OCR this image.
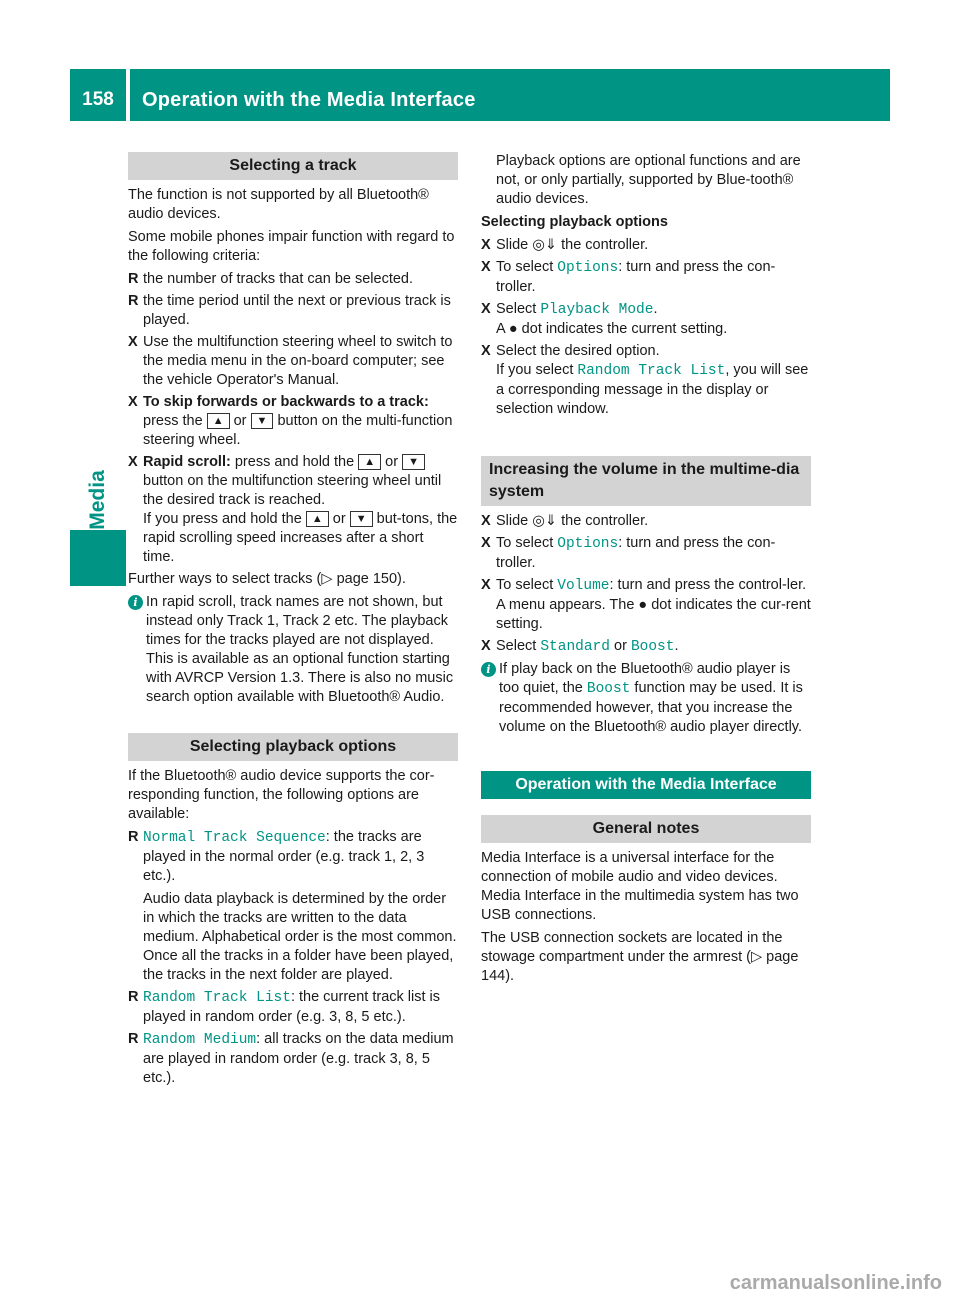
158	Operation with the Media Interface
Media
Selecting a track

The function is not supported by all Bluetooth® audio devices.

Some mobile phones impair function with regard to the following criteria:

R the number of tracks that can be selected.
R the time period until the next or previous track is played.
X Use the multifunction steering wheel to switch to the media menu in the on-board computer; see the vehicle Operator's Manual.
X To skip forwards or backwards to a track:
press the ▲ or ▼ button on the multi-function steering wheel.
X Rapid scroll: press and hold the ▲ or ▼ button on the multifunction steering wheel until the desired track is reached.
If you press and hold the ▲ or ▼ but-tons, the rapid scrolling speed increases after a short time.

Further ways to select tracks (▷ page 150).

i In rapid scroll, track names are not shown, but instead only Track 1, Track 2 etc. The playback times for the tracks played are not displayed. This is available as an optional function starting with AVRCP Version 1.3. There is also no music search option available with Bluetooth® Audio.
Selecting playback options

If the Bluetooth® audio device supports the cor-responding function, the following options are available:

R Normal Track Sequence: the tracks are played in the normal order (e.g. track 1, 2, 3 etc.).
Audio data playback is determined by the order in which the tracks are written to the data medium. Alphabetical order is the most common. Once all the tracks in a folder have been played, the tracks in the next folder are played.
R Random Track List: the current track list is played in random order (e.g. 3, 8, 5 etc.).
R Random Medium: all tracks on the data medium are played in random order (e.g. track 3, 8, 5 etc.).

Playback options are optional functions and are not, or only partially, supported by Blue-tooth® audio devices.

Selecting playback options
X Slide ◎⇓ the controller.
X To select Options: turn and press the con-troller.
X Select Playback Mode.
A ● dot indicates the current setting.
X Select the desired option.
If you select Random Track List, you will see a corresponding message in the display or selection window.
Increasing the volume in the multime-dia system
X Slide ◎⇓ the controller.
X To select Options: turn and press the con-troller.
X To select Volume: turn and press the control-ler.
A menu appears. The ● dot indicates the cur-rent setting.
X Select Standard or Boost.
i If play back on the Bluetooth® audio player is too quiet, the Boost function may be used. It is recommended however, that you increase the volume on the Bluetooth® audio player directly.
Operation with the Media Interface
General notes

Media Interface is a universal interface for the connection of mobile audio and video devices. Media Interface in the multimedia system has two USB connections.

The USB connection sockets are located in the stowage compartment under the armrest (▷ page 144).

carmanualsonline.info
